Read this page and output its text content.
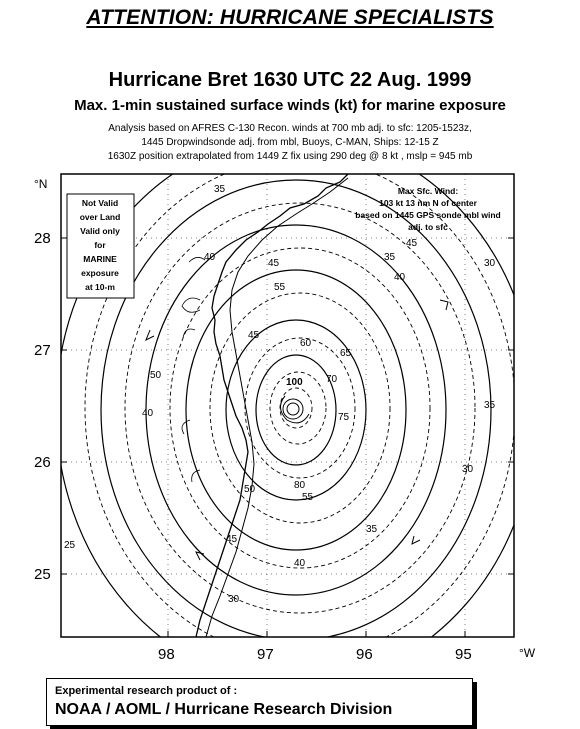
ATTENTION: HURRICANE SPECIALISTS
Hurricane Bret 1630 UTC 22 Aug. 1999
Max. 1-min sustained surface winds (kt) for marine exposure
Analysis based on AFRES C-130 Recon. winds at 700 mb adj. to sfc: 1205-1523z,
1445 Dropwindsonde adj. from mbl, Buoys, C-MAN, Ships: 12-15 Z
1630Z position extrapolated from 1449 Z fix using 290 deg @ 8 kt , mslp = 945 mb
°N
28
27
26
25
98	97	96	95	°W
Not Valid
over Land
Valid only
for
MARINE
exposure
at 10-m
Max Sfc. Wind:
103 kt 13 nm N of center
based on 1445 GPS sonde mbl wind
adj. to sfc
35
40
45
50
55
60
65
70
75
80
100
35
45
40
30
40
45
50
55
35
40
45
35
30
25
30
Experimental research product of :
NOAA / AOML / Hurricane Research Division
